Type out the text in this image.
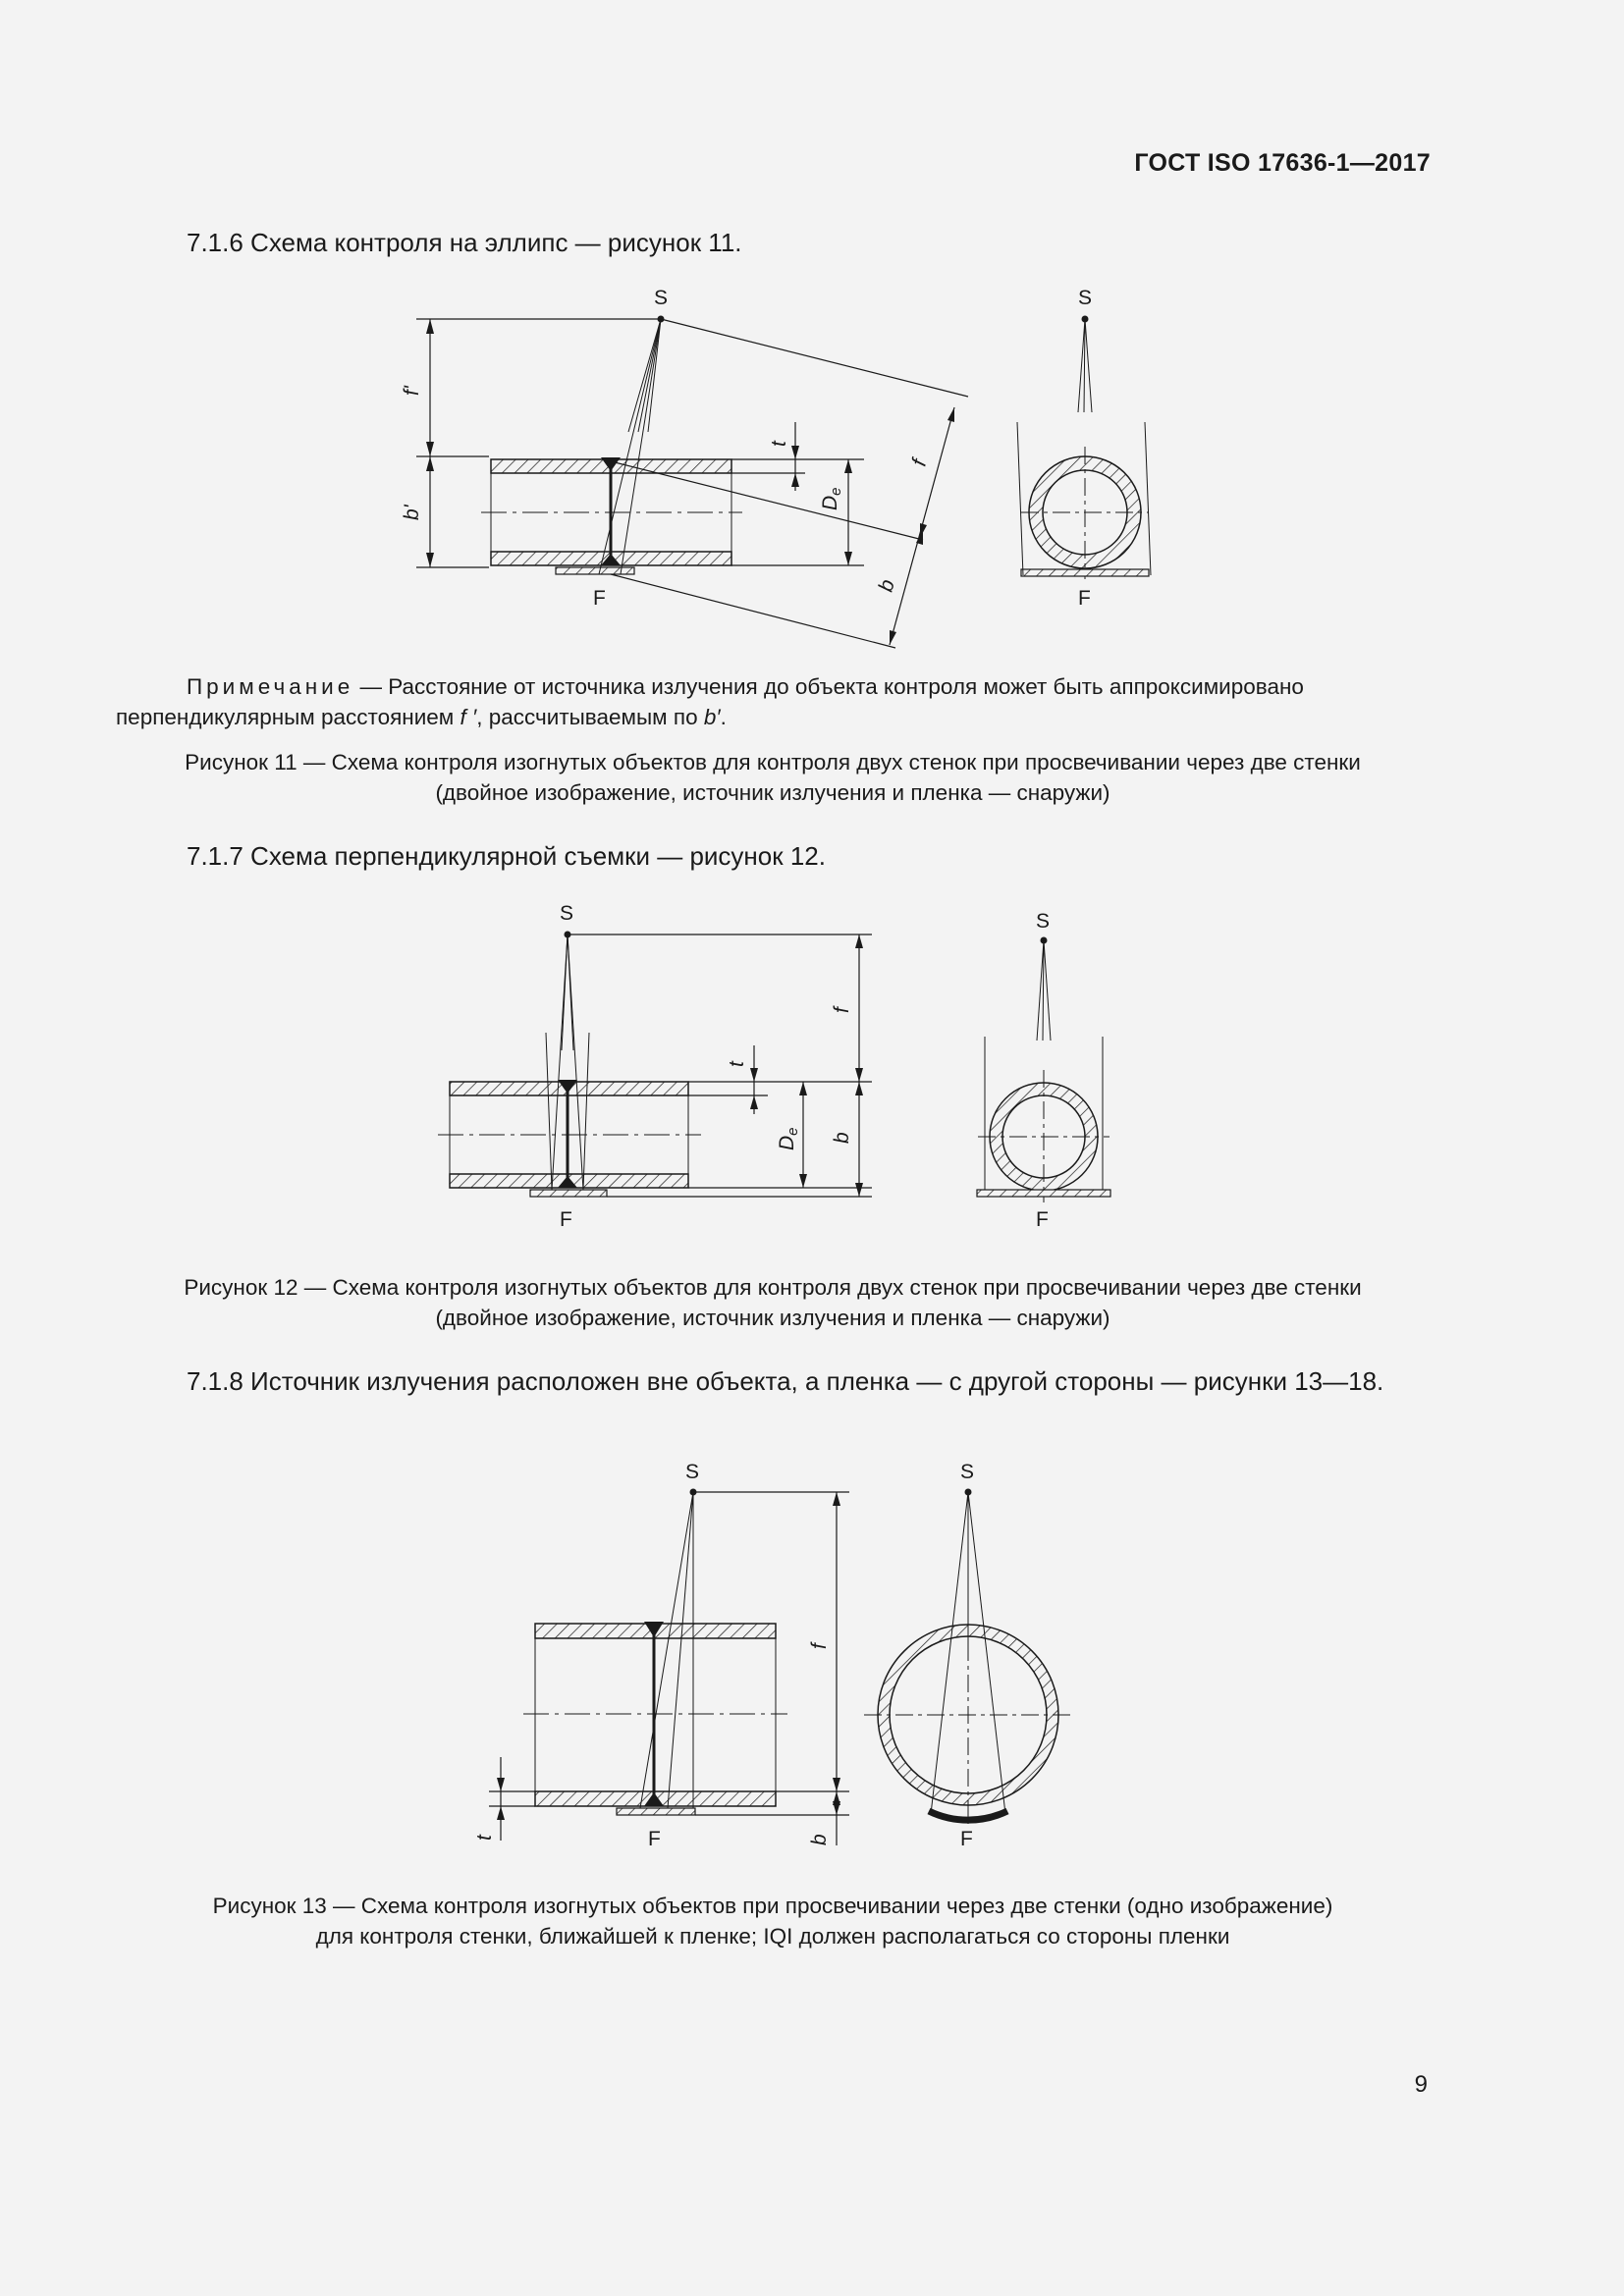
ГОСТ ISO 17636-1—2017
7.1.6 Схема контроля на эллипс — рисунок 11.
f'
b'
S
F
t
De
f
b
S
F
Примечание — Расстояние от источника излучения до объекта контроля может быть аппроксимировано перпендикулярным расстоянием f ′, рассчитываемым по b′.
Рисунок 11 — Схема контроля изогнутых объектов для контроля двух стенок при просвечивании через две стенки
(двойное изображение, источник излучения и пленка — снаружи)
7.1.7 Схема перпендикулярной съемки — рисунок 12.
S
F
t
De
f
b
S
F
Рисунок 12 — Схема контроля изогнутых объектов для контроля двух стенок при просвечивании через две стенки
(двойное изображение, источник излучения и пленка — снаружи)
7.1.8 Источник излучения расположен вне объекта, а пленка — с другой стороны — рисунки 13—18.
S
F
f
b
t
S
F
Рисунок 13 — Схема контроля изогнутых объектов при просвечивании через две стенки (одно изображение)
для контроля стенки, ближайшей к пленке; IQI должен располагаться со стороны пленки
9
